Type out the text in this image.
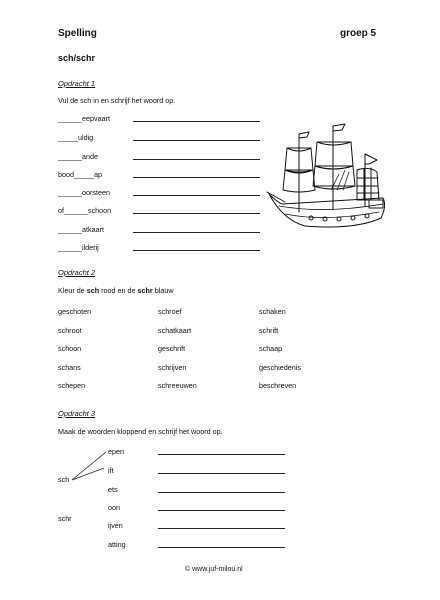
Spelling	groep 5
sch/schr
Opdracht 1
Vul de sch in en schrijf het woord op.
______eepvaart
_____uldig
______ande
bood_____ap
______oorsteen
of______schoon
______atkaart
______ilderij
Opdracht 2
Kleur de sch rood en de schr blauw
geschoten	schroef	schaken
schroot	schatkaart	schrift
schoon	geschrift	schaap
schans	schrijven	geschiedenis
schepen	schreeuwen	beschreven
Opdracht 3
Maak de woorden kloppend en schrijf het woord op.
sch
schr
epen
ift
ets
oon
ijven
atting
© www.juf-milou.nl
